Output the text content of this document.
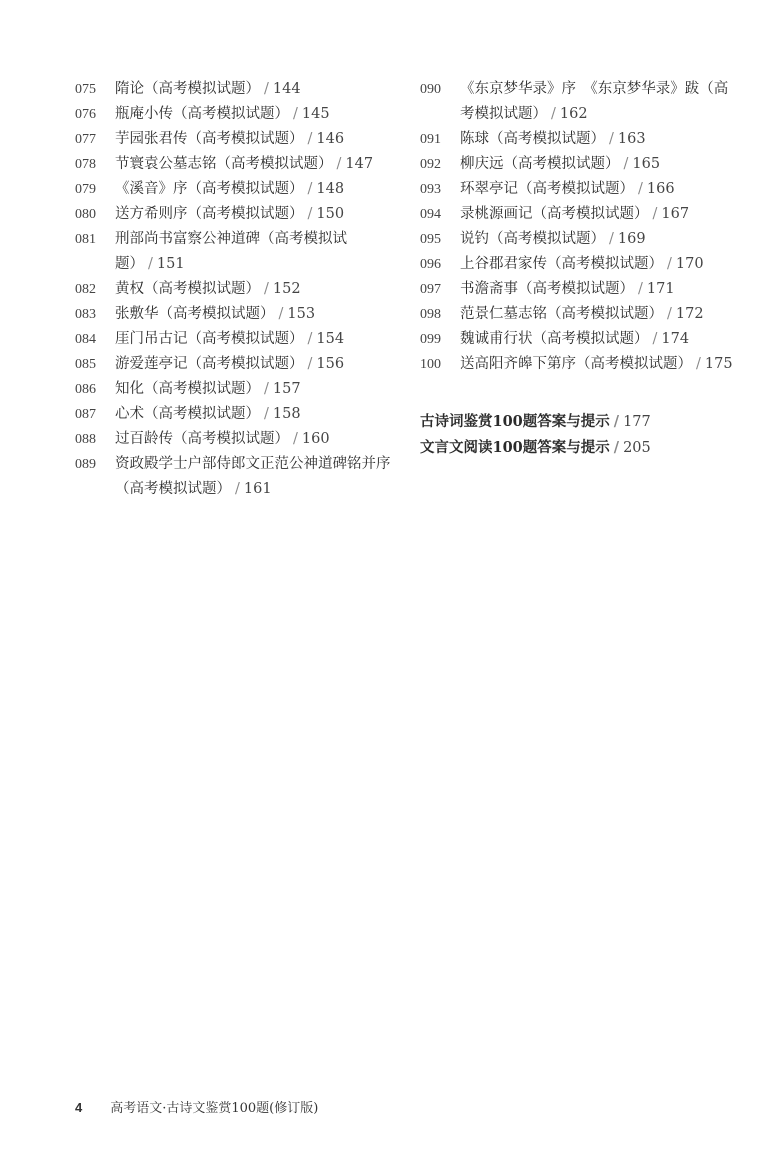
075	隋论（高考模拟试题） / 144
076	瓶庵小传（高考模拟试题） / 145
077	芋园张君传（高考模拟试题） / 146
078	节寰袁公墓志铭（高考模拟试题） / 147
079	《溪音》序（高考模拟试题） / 148
080	送方希则序（高考模拟试题） / 150
081	刑部尚书富察公神道碑（高考模拟试题） / 151
082	黄权（高考模拟试题） / 152
083	张敷华（高考模拟试题） / 153
084	厓门吊古记（高考模拟试题） / 154
085	游爱莲亭记（高考模拟试题） / 156
086	知化（高考模拟试题） / 157
087	心术（高考模拟试题） / 158
088	过百龄传（高考模拟试题） / 160
089	资政殿学士户部侍郎文正范公神道碑铭并序（高考模拟试题） / 161
090	《东京梦华录》序　《东京梦华录》跋（高考模拟试题） / 162
091	陈球（高考模拟试题） / 163
092	柳庆远（高考模拟试题） / 165
093	环翠亭记（高考模拟试题） / 166
094	录桃源画记（高考模拟试题） / 167
095	说钓（高考模拟试题） / 169
096	上谷郡君家传（高考模拟试题） / 170
097	书澹斋事（高考模拟试题） / 171
098	范景仁墓志铭（高考模拟试题） / 172
099	魏诚甫行状（高考模拟试题） / 174
100	送高阳齐皞下第序（高考模拟试题） / 175
古诗词鉴赏100题答案与提示 / 177
文言文阅读100题答案与提示 / 205
4 高考语文·古诗文鉴赏100题(修订版)
